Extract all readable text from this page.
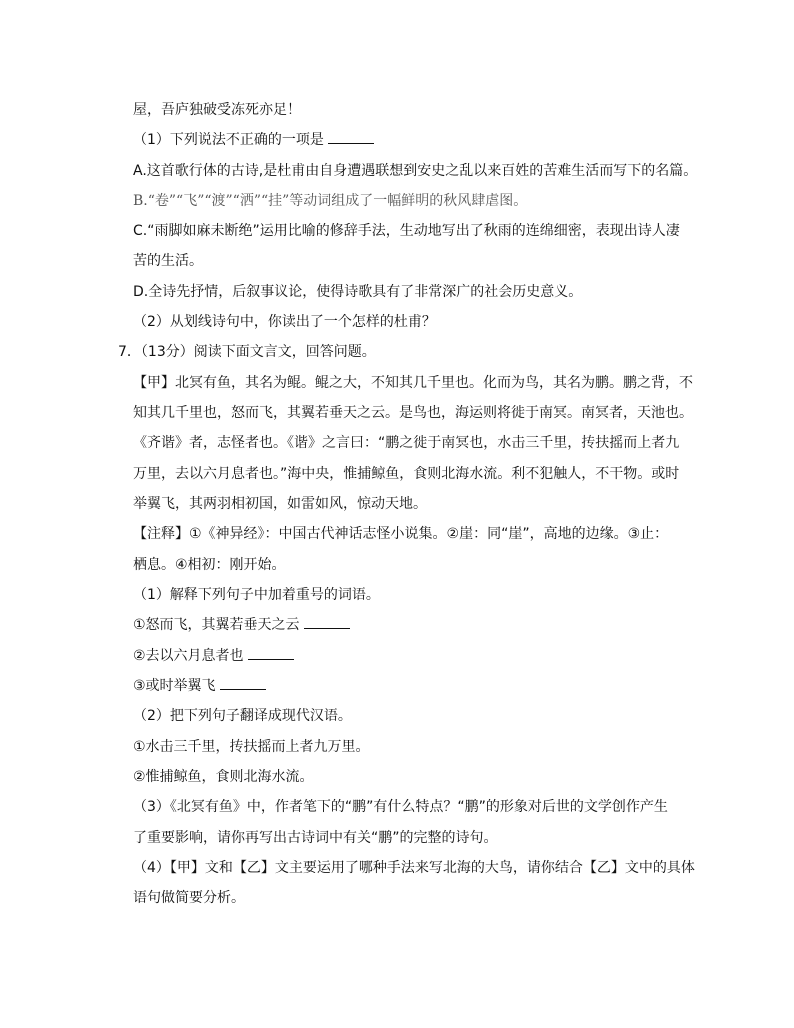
屋，吾庐独破受冻死亦足！
（1）下列说法不正确的一项是
A.这首歌行体的古诗,是杜甫由自身遭遇联想到安史之乱以来百姓的苦难生活而写下的名篇。
B.“卷”“飞”“渡”“洒”“挂”等动词组成了一幅鲜明的秋风肆虐图。
C.“雨脚如麻未断绝”运用比喻的修辞手法，生动地写出了秋雨的连绵细密，表现出诗人凄
苦的生活。
D.全诗先抒情，后叙事议论，使得诗歌具有了非常深广的社会历史意义。
（2）从划线诗句中，你读出了一个怎样的杜甫？
7．（13分）阅读下面文言文，回答问题。
【甲】北冥有鱼，其名为鲲。鲲之大，不知其几千里也。化而为鸟，其名为鹏。鹏之背，不
知其几千里也，怒而飞，其翼若垂天之云。是鸟也，海运则将徙于南冥。南冥者，天池也。
《齐谐》者，志怪者也。《谐》之言曰：“鹏之徙于南冥也，水击三千里，抟扶摇而上者九
万里，去以六月息者也。”海中央，惟捕鲸鱼，食则北海水流。利不犯触人，不干物。或时
举翼飞，其两羽相初国，如雷如风，惊动天地。
【注释】①《神异经》：中国古代神话志怪小说集。②崖：同“崖”，高地的边缘。③止：
栖息。④相初：刚开始。
（1）解释下列句子中加着重号的词语。
①怒而飞，其翼若垂天之云
②去以六月息者也
③或时举翼飞
（2）把下列句子翻译成现代汉语。
①水击三千里，抟扶摇而上者九万里。
②惟捕鲸鱼，食则北海水流。
（3）《北冥有鱼》中，作者笔下的“鹏”有什么特点？“鹏”的形象对后世的文学创作产生
了重要影响，请你再写出古诗词中有关“鹏”的完整的诗句。
（4）【甲】文和【乙】文主要运用了哪种手法来写北海的大鸟，请你结合【乙】文中的具体
语句做简要分析。
